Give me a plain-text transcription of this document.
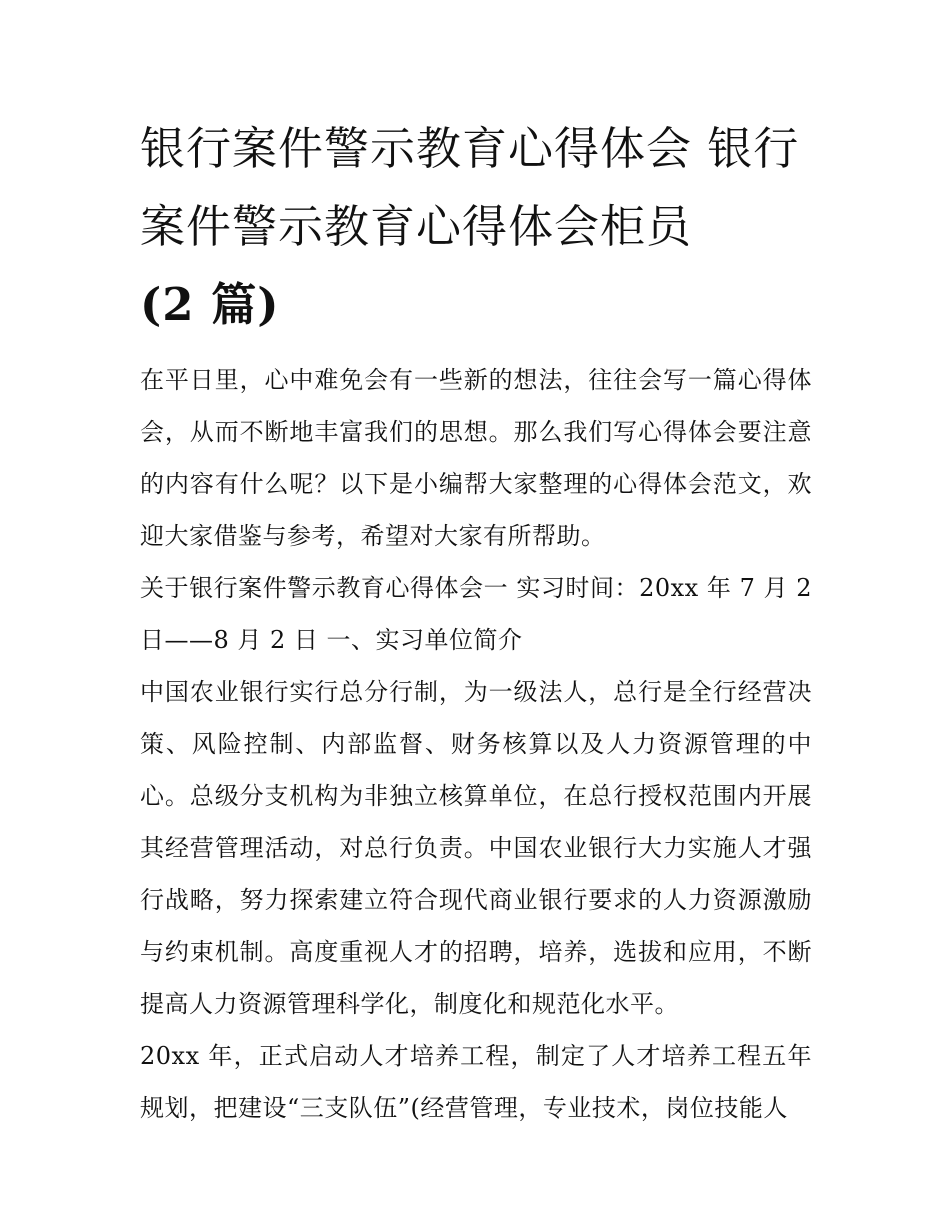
银行案件警示教育心得体会 银行案件警示教育心得体会柜员
(2 篇)

在平日里，心中难免会有一些新的想法，往往会写一篇心得体会，从而不断地丰富我们的思想。那么我们写心得体会要注意的内容有什么呢？以下是小编帮大家整理的心得体会范文，欢迎大家借鉴与参考，希望对大家有所帮助。

关于银行案件警示教育心得体会一 实习时间：20xx 年 7 月 2 日——8 月 2 日 一、实习单位简介

中国农业银行实行总分行制，为一级法人，总行是全行经营决策、风险控制、内部监督、财务核算以及人力资源管理的中心。总级分支机构为非独立核算单位，在总行授权范围内开展其经营管理活动，对总行负责。中国农业银行大力实施人才强行战略，努力探索建立符合现代商业银行要求的人力资源激励与约束机制。高度重视人才的招聘，培养，选拔和应用，不断提高人力资源管理科学化，制度化和规范化水平。

20xx 年，正式启动人才培养工程，制定了人才培养工程五年规划，把建设“三支队伍”(经营管理，专业技术，岗位技能人
